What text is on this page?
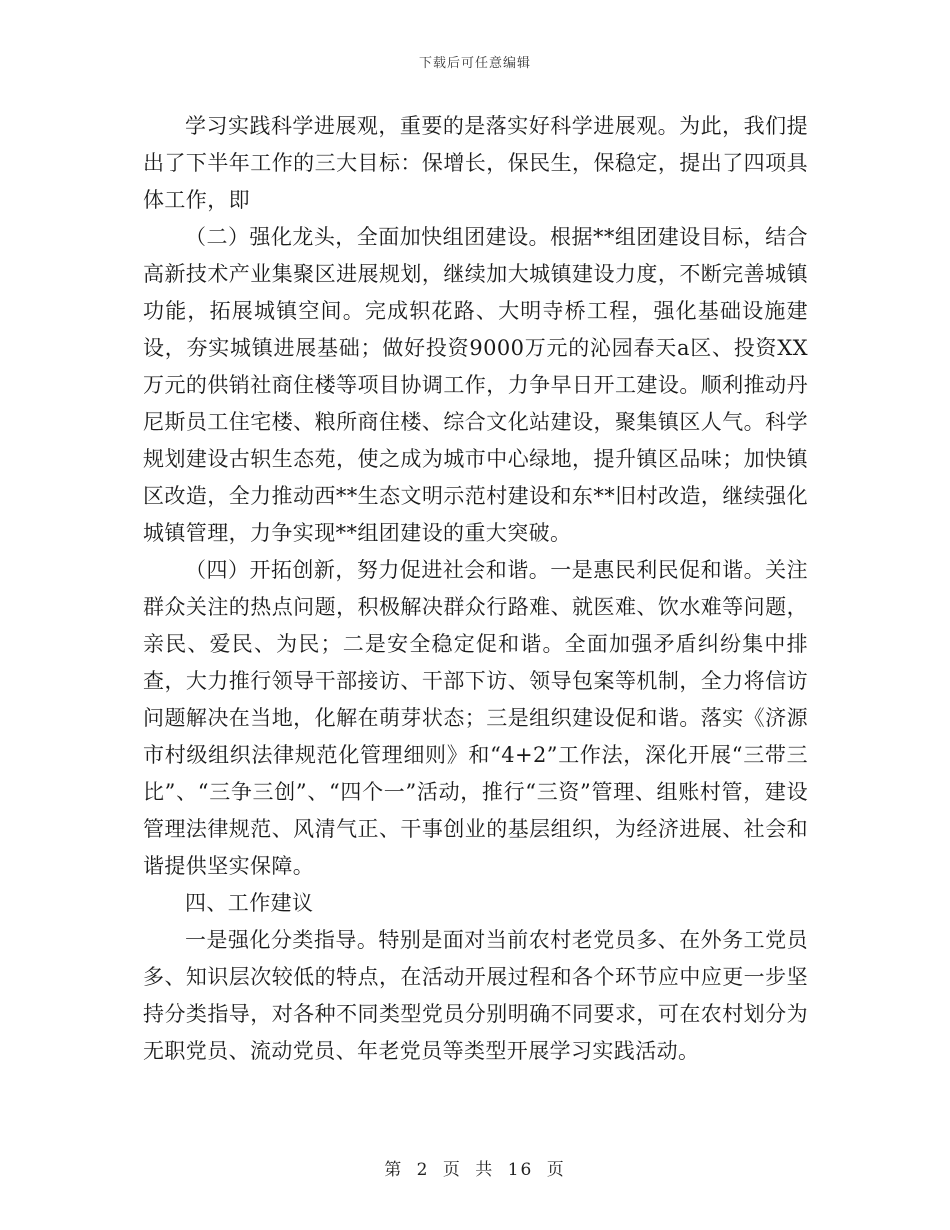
下载后可任意编辑

学习实践科学进展观，重要的是落实好科学进展观。为此，我们提出了下半年工作的三大目标：保增长，保民生，保稳定，提出了四项具体工作，即

（二）强化龙头，全面加快组团建设。根据**组团建设目标，结合高新技术产业集聚区进展规划，继续加大城镇建设力度，不断完善城镇功能，拓展城镇空间。完成轵花路、大明寺桥工程，强化基础设施建设，夯实城镇进展基础；做好投资9000万元的沁园春天a区、投资XX万元的供销社商住楼等项目协调工作，力争早日开工建设。顺利推动丹尼斯员工住宅楼、粮所商住楼、综合文化站建设，聚集镇区人气。科学规划建设古轵生态苑，使之成为城市中心绿地，提升镇区品味；加快镇区改造，全力推动西**生态文明示范村建设和东**旧村改造，继续强化城镇管理，力争实现**组团建设的重大突破。

（四）开拓创新，努力促进社会和谐。一是惠民利民促和谐。关注群众关注的热点问题，积极解决群众行路难、就医难、饮水难等问题，亲民、爱民、为民；二是安全稳定促和谐。全面加强矛盾纠纷集中排查，大力推行领导干部接访、干部下访、领导包案等机制，全力将信访问题解决在当地，化解在萌芽状态；三是组织建设促和谐。落实《济源市村级组织法律规范化管理细则》和“4+2”工作法，深化开展“三带三比”、“三争三创”、“四个一”活动，推行“三资”管理、组账村管，建设管理法律规范、风清气正、干事创业的基层组织，为经济进展、社会和谐提供坚实保障。

四、工作建议

一是强化分类指导。特别是面对当前农村老党员多、在外务工党员多、知识层次较低的特点，在活动开展过程和各个环节应中应更一步坚持分类指导，对各种不同类型党员分别明确不同要求，可在农村划分为无职党员、流动党员、年老党员等类型开展学习实践活动。

第 2 页 共 16 页
